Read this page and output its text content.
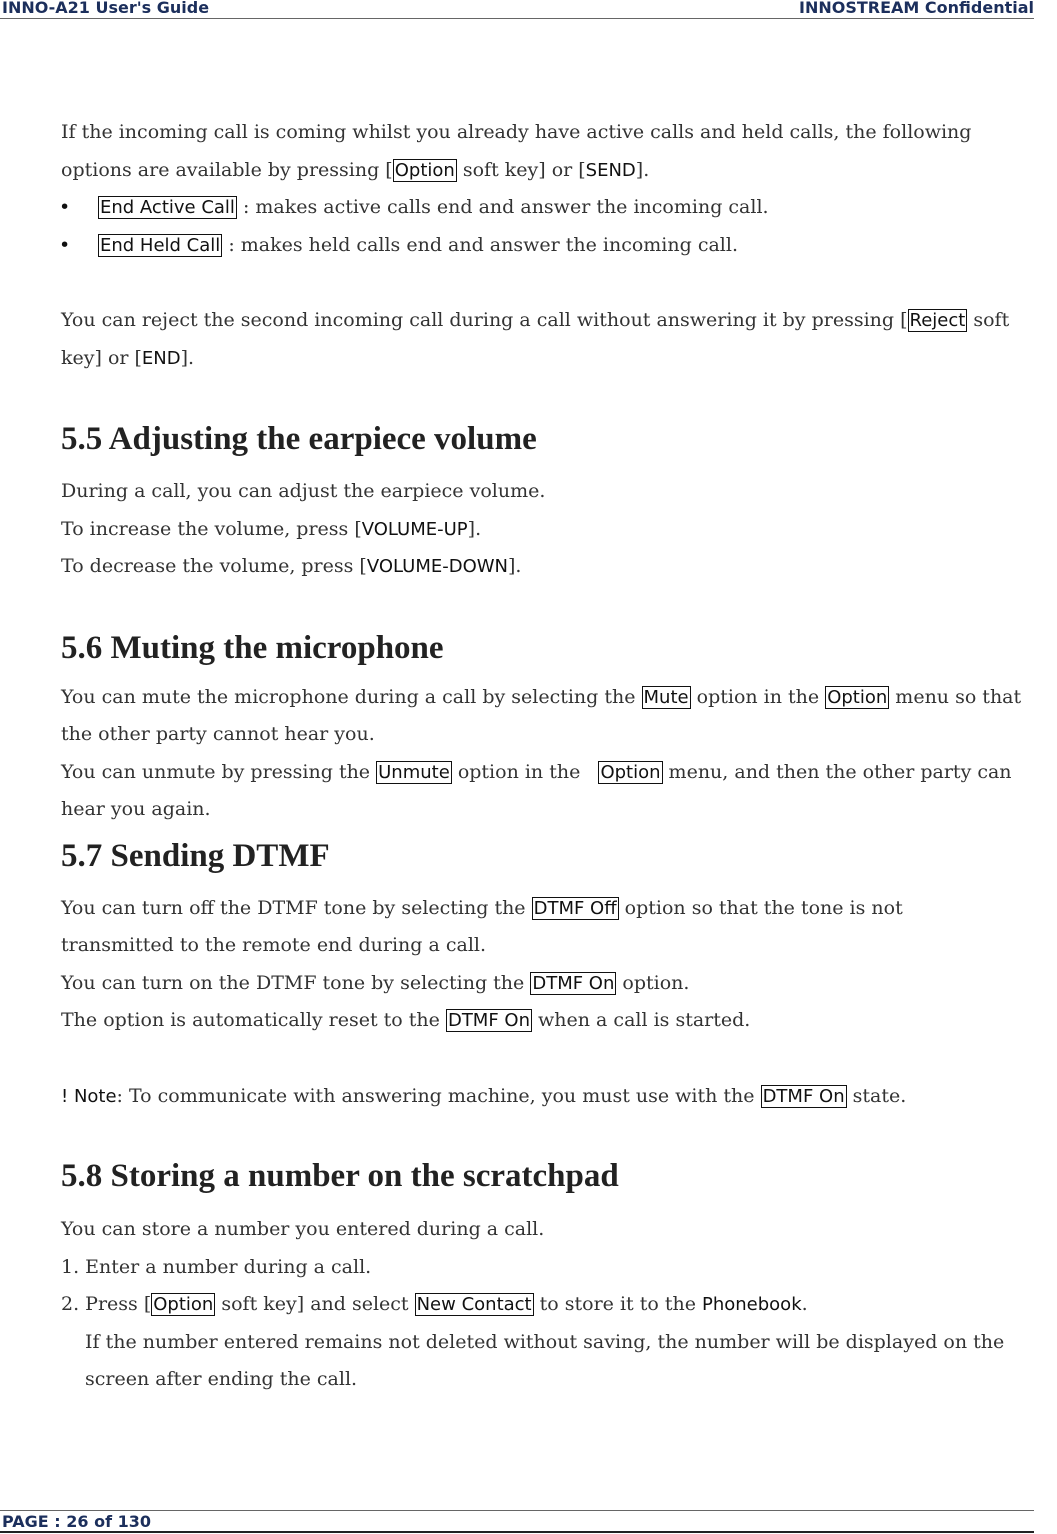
INNO-A21 User's Guide	INNOSTREAM Confidential

If the incoming call is coming whilst you already have active calls and held calls, the following

options are available by pressing [ Option soft key] or [SEND].

• End Active Call : makes active calls end and answer the incoming call.
• End Held Call : makes held calls end and answer the incoming call.

You can reject the second incoming call during a call without answering it by pressing [ Reject soft

key] or [END].

5.5 Adjusting the earpiece volume

During a call, you can adjust the earpiece volume.

To increase the volume, press [VOLUME-UP].

To decrease the volume, press [VOLUME-DOWN].

5.6 Muting the microphone

You can mute the microphone during a call by selecting the Mute option in the Option menu so that

the other party cannot hear you.

You can unmute by pressing the Unmute option in the   Option menu, and then the other party can

hear you again.

5.7 Sending DTMF

You can turn off the DTMF tone by selecting the DTMF Off option so that the tone is not

transmitted to the remote end during a call.

You can turn on the DTMF tone by selecting the DTMF On option.

The option is automatically reset to the DTMF On when a call is started.

! Note: To communicate with answering machine, you must use with the DTMF On state.

5.8 Storing a number on the scratchpad

You can store a number you entered during a call.

1. Enter a number during a call.

2. Press [ Option soft key] and select New Contact to store it to the Phonebook.

If the number entered remains not deleted without saving, the number will be displayed on the

screen after ending the call.

PAGE : 26 of 130
